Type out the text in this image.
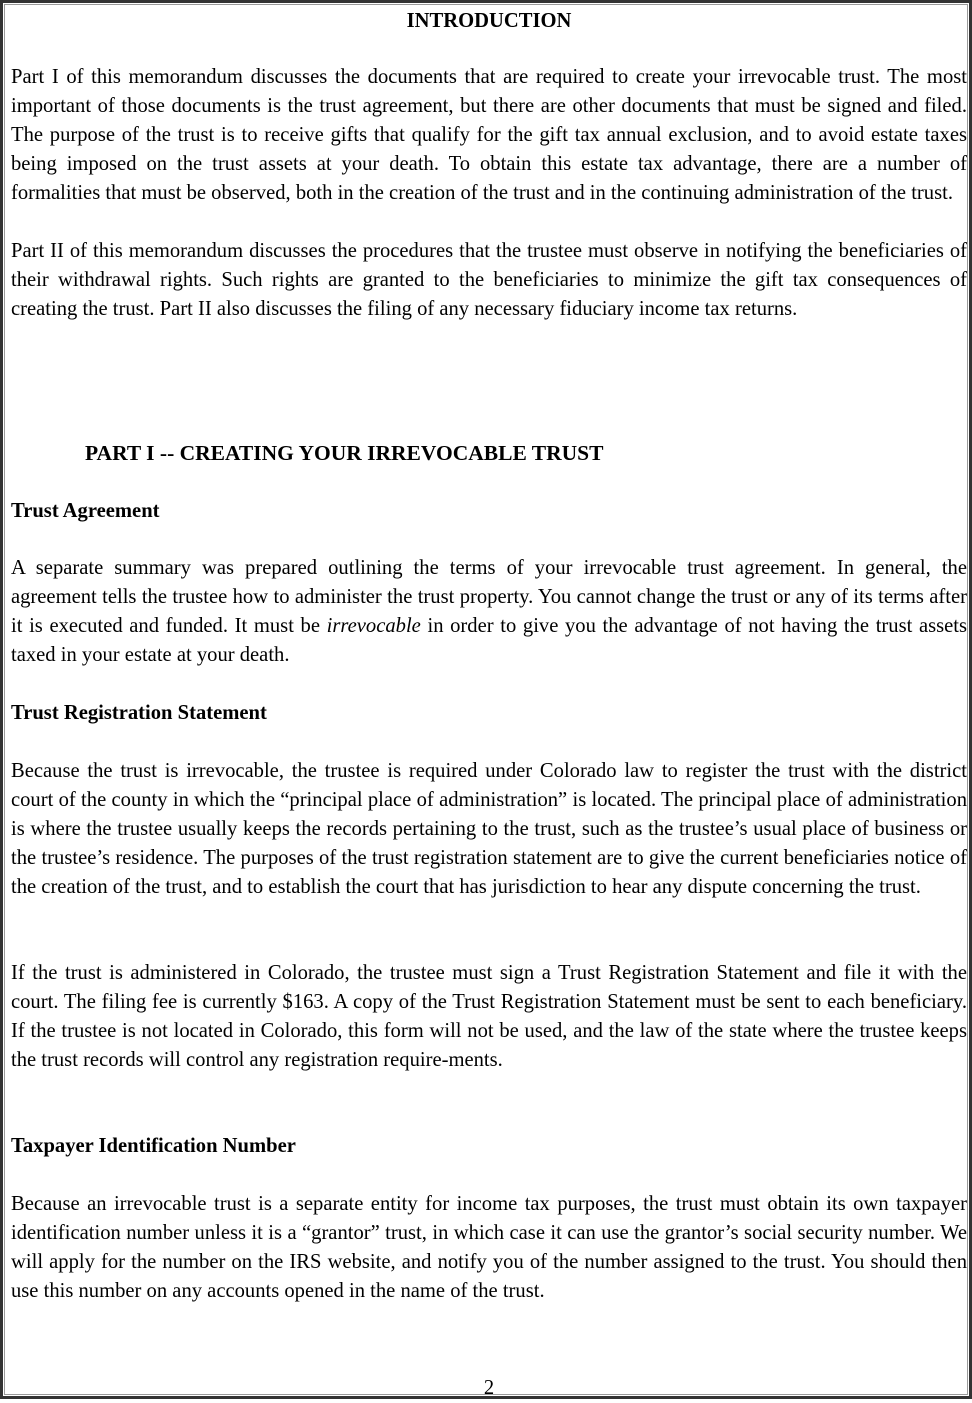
INTRODUCTION

Part I of this memorandum discusses the documents that are required to create your irrevocable trust. The most important of those documents is the trust agreement, but there are other documents that must be signed and filed. The purpose of the trust is to receive gifts that qualify for the gift tax annual exclusion, and to avoid estate taxes being imposed on the trust assets at your death. To obtain this estate tax advantage, there are a number of formalities that must be observed, both in the creation of the trust and in the continuing administration of the trust.

Part II of this memorandum discusses the procedures that the trustee must observe in notifying the beneficiaries of their withdrawal rights. Such rights are granted to the beneficiaries to minimize the gift tax consequences of creating the trust. Part II also discusses the filing of any necessary fiduciary income tax returns.

PART I -- CREATING YOUR IRREVOCABLE TRUST
Trust Agreement

A separate summary was prepared outlining the terms of your irrevocable trust agreement. In general, the agreement tells the trustee how to administer the trust property. You cannot change the trust or any of its terms after it is executed and funded. It must be irrevocable in order to give you the advantage of not having the trust assets taxed in your estate at your death.

Trust Registration Statement

Because the trust is irrevocable, the trustee is required under Colorado law to register the trust with the district court of the county in which the “principal place of administration” is located. The principal place of administration is where the trustee usually keeps the records pertaining to the trust, such as the trustee’s usual place of business or the trustee’s residence. The purposes of the trust registration statement are to give the current beneficiaries notice of the creation of the trust, and to establish the court that has jurisdiction to hear any dispute concerning the trust.

If the trust is administered in Colorado, the trustee must sign a Trust Registration Statement and file it with the court. The filing fee is currently $163. A copy of the Trust Registration Statement must be sent to each beneficiary. If the trustee is not located in Colorado, this form will not be used, and the law of the state where the trustee keeps the trust records will control any registration require-ments.

Taxpayer Identification Number

Because an irrevocable trust is a separate entity for income tax purposes, the trust must obtain its own taxpayer identification number unless it is a “grantor” trust, in which case it can use the grantor’s social security number. We will apply for the number on the IRS website, and notify you of the number assigned to the trust. You should then use this number on any accounts opened in the name of the trust.

2
